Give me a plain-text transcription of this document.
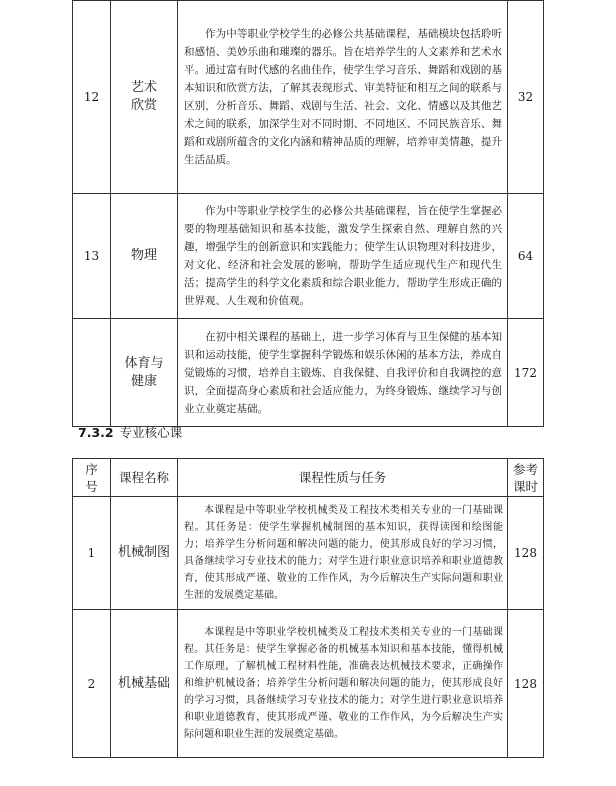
12	艺术欣赏	作为中等职业学校学生的必修公共基础课程，基础模块包括聆听和感悟、美妙乐曲和璀璨的器乐。旨在培养学生的人文素养和艺术水平。通过富有时代感的名曲佳作，使学生学习音乐、舞蹈和戏剧的基本知识和欣赏方法，了解其表现形式、审美特征和相互之间的联系与区别，分析音乐、舞蹈、戏剧与生活、社会、文化、情感以及其他艺术之间的联系，加深学生对不同时期、不同地区、不同民族音乐、舞蹈和戏剧所蕴含的文化内涵和精神品质的理解，培养审美情趣，提升生活品质。	32
13	物理	作为中等职业学校学生的必修公共基础课程，旨在使学生掌握必要的物理基础知识和基本技能，激发学生探索自然、理解自然的兴趣，增强学生的创新意识和实践能力；使学生认识物理对科技进步，对文化、经济和社会发展的影响，帮助学生适应现代生产和现代生活；提高学生的科学文化素质和综合职业能力，帮助学生形成正确的世界观、人生观和价值观。	64
	体育与健康	在初中相关课程的基础上，进一步学习体育与卫生保健的基本知识和运动技能，使学生掌握科学锻炼和娱乐休闲的基本方法，养成自觉锻炼的习惯，培养自主锻炼、自我保健、自我评价和自我调控的意识，全面提高身心素质和社会适应能力，为终身锻炼、继续学习与创业立业奠定基础。	172
7.3.2 专业核心课
序号	课程名称	课程性质与任务	参考课时
1	机械制图	本课程是中等职业学校机械类及工程技术类相关专业的一门基础课程。其任务是：使学生掌握机械制图的基本知识，获得读图和绘图能力；培养学生分析问题和解决问题的能力，使其形成良好的学习习惯，具备继续学习专业技术的能力；对学生进行职业意识培养和职业道德教育，使其形成严谨、敬业的工作作风，为今后解决生产实际问题和职业生涯的发展奠定基础。	128
2	机械基础	本课程是中等职业学校机械类及工程技术类相关专业的一门基础课程。其任务是：使学生掌握必备的机械基本知识和基本技能，懂得机械工作原理，了解机械工程材料性能，准确表达机械技术要求，正确操作和维护机械设备；培养学生分析问题和解决问题的能力，使其形成良好的学习习惯，具备继续学习专业技术的能力；对学生进行职业意识培养和职业道德教育，使其形成严谨、敬业的工作作风，为今后解决生产实际问题和职业生涯的发展奠定基础。	128
